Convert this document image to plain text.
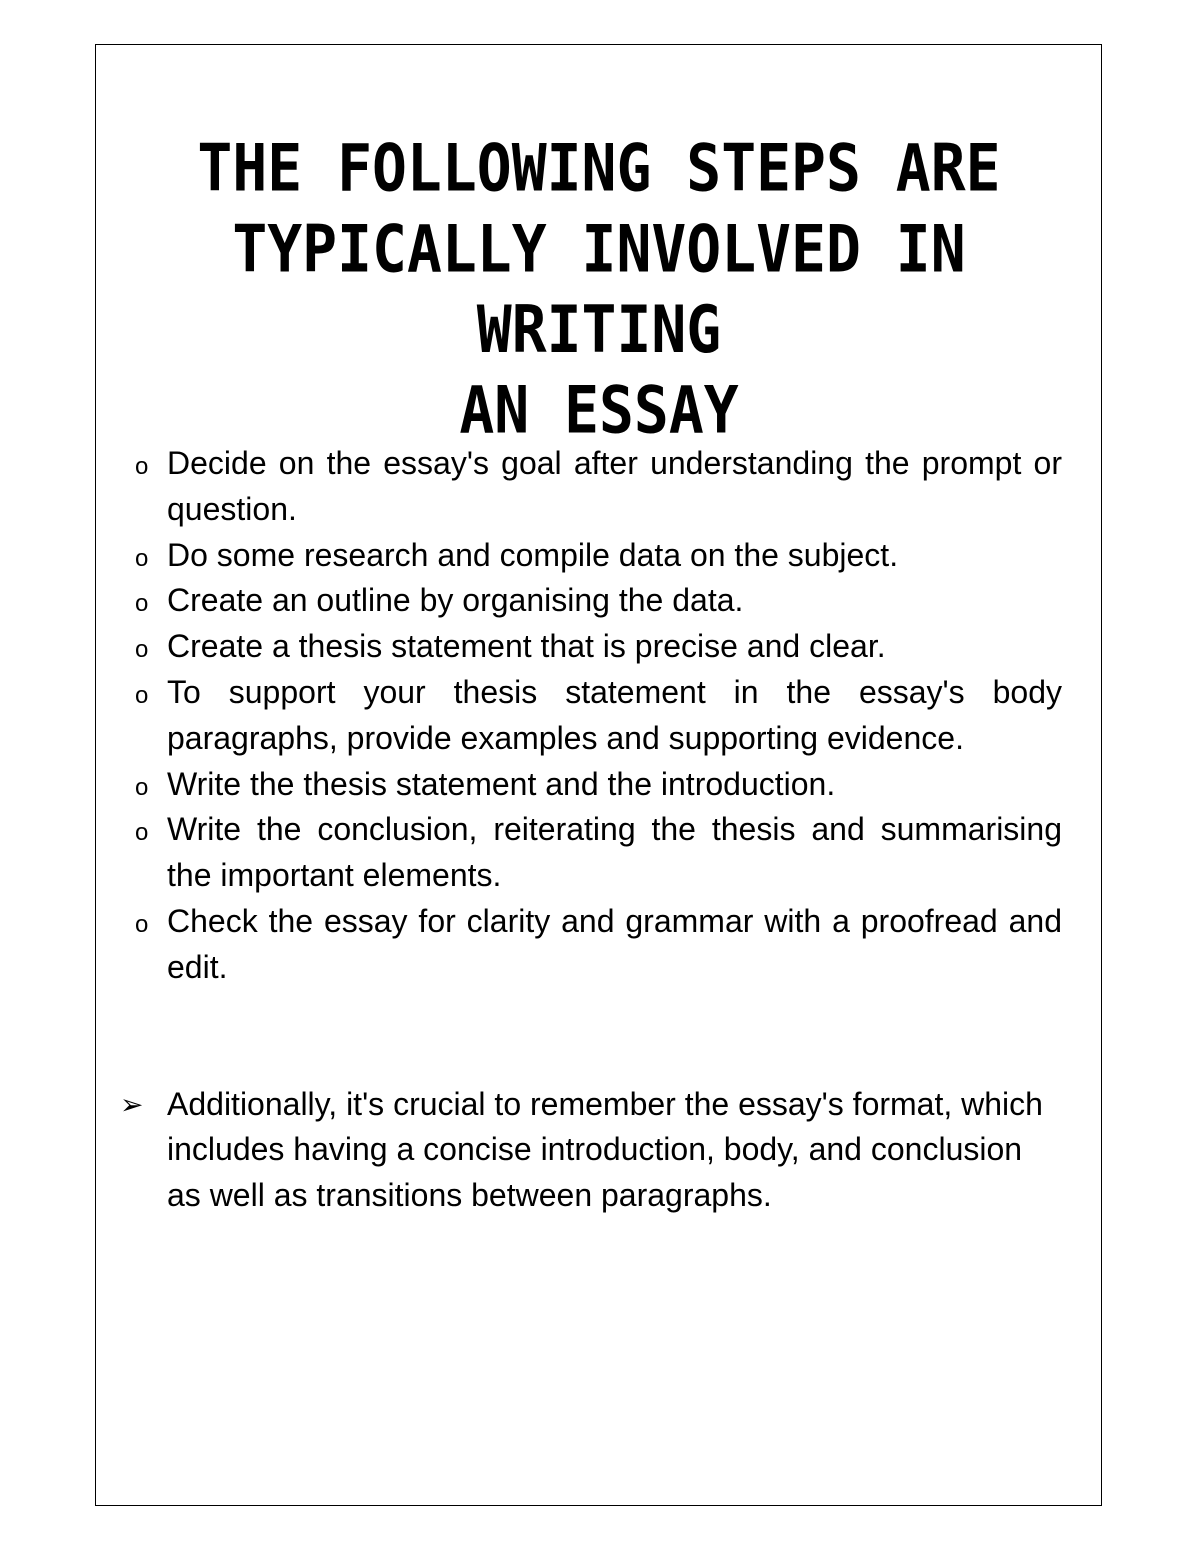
THE FOLLOWING STEPS ARE
TYPICALLY INVOLVED IN WRITING
AN ESSAY
o Decide on the essay's goal after understanding the prompt or question.
o Do some research and compile data on the subject.
o Create an outline by organising the data.
o Create a thesis statement that is precise and clear.
o To support your thesis statement in the essay's body paragraphs, provide examples and supporting evidence.
o Write the thesis statement and the introduction.
o Write the conclusion, reiterating the thesis and summarising the important elements.
o Check the essay for clarity and grammar with a proofread and edit.

➢ Additionally, it's crucial to remember the essay's format, which includes having a concise introduction, body, and conclusion as well as transitions between paragraphs.
